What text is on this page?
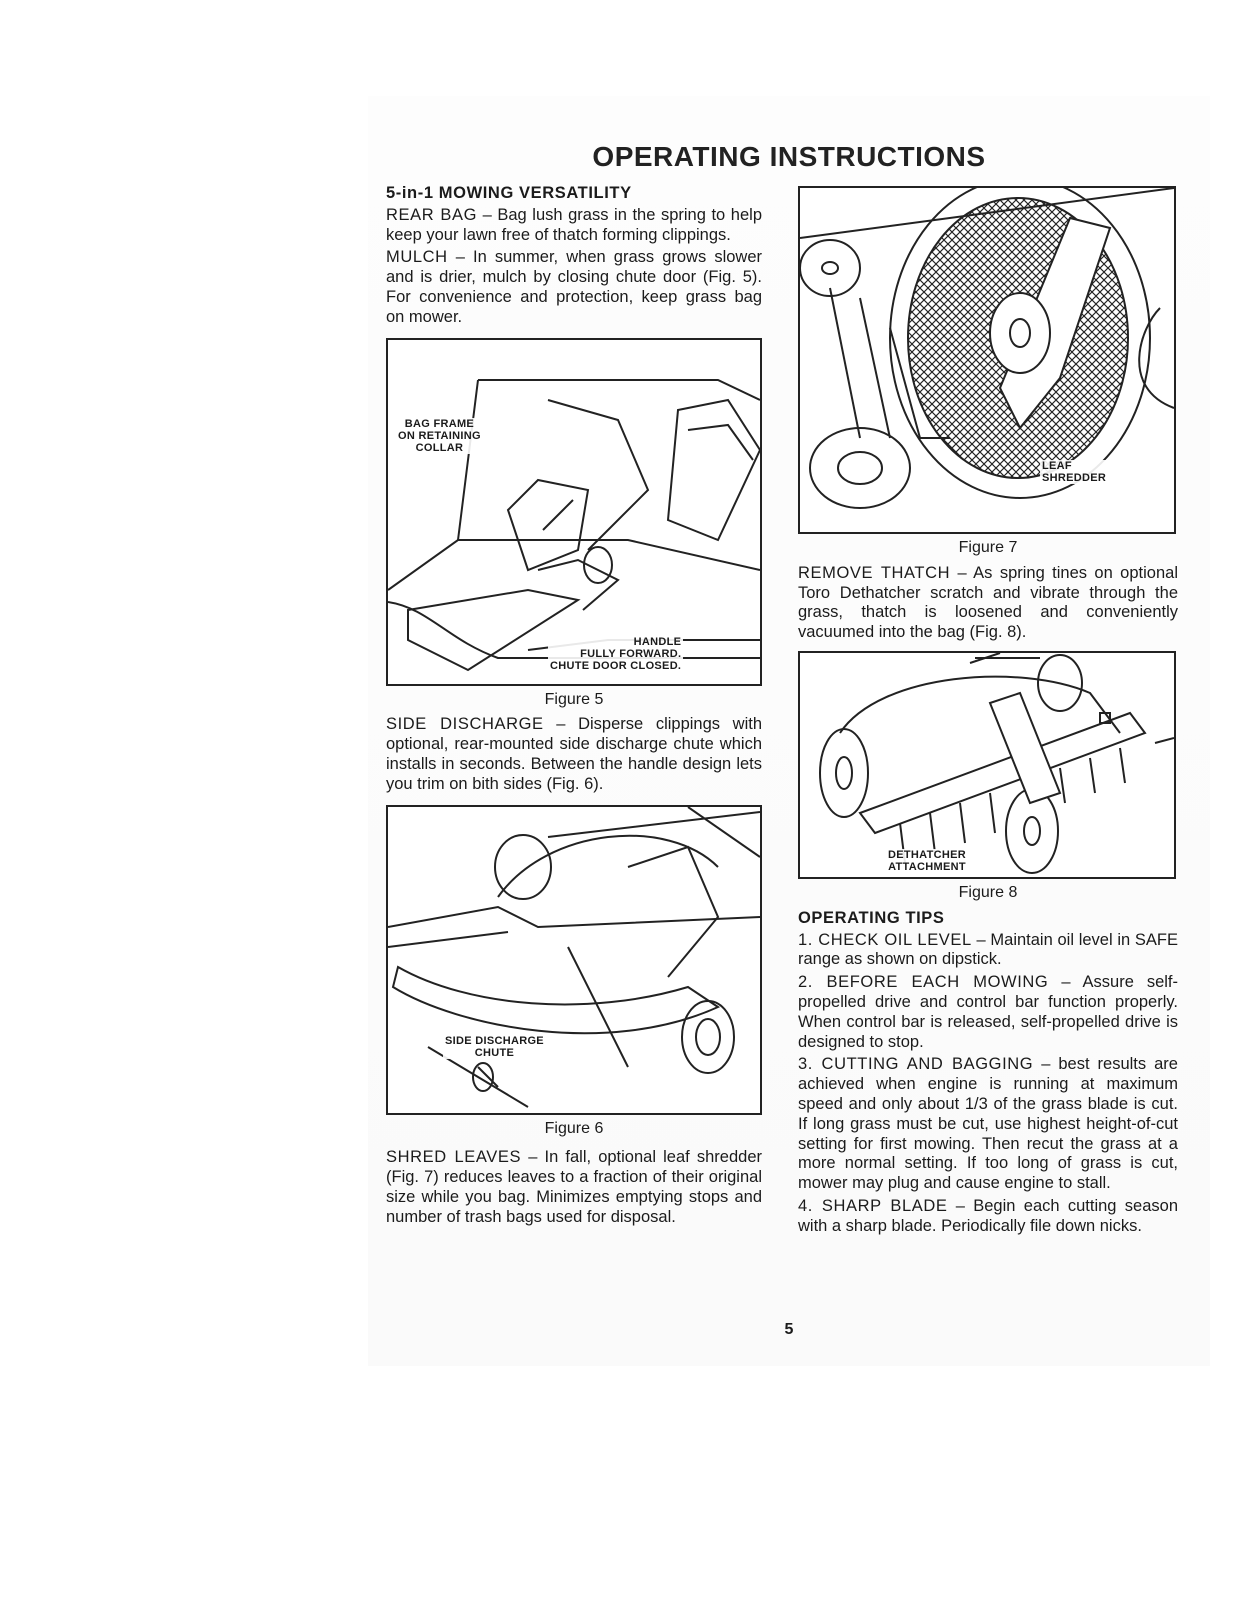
OPERATING INSTRUCTIONS
5-in-1 MOWING VERSATILITY

REAR BAG – Bag lush grass in the spring to help keep your lawn free of thatch forming clippings.

MULCH – In summer, when grass grows slower and is drier, mulch by closing chute door (Fig. 5). For convenience and protection, keep grass bag on mower.

BAG FRAME
ON RETAINING
COLLAR
HANDLE
FULLY FORWARD.
CHUTE DOOR CLOSED.
Figure 5

SIDE DISCHARGE – Disperse clippings with optional, rear-mounted side discharge chute which installs in seconds. Between the handle design lets you trim on bith sides (Fig. 6).

SIDE DISCHARGE
CHUTE
Figure 6

SHRED LEAVES – In fall, optional leaf shredder (Fig. 7) reduces leaves to a fraction of their original size while you bag. Minimizes emptying stops and number of trash bags used for disposal.

LEAF
SHREDDER
Figure 7

REMOVE THATCH – As spring tines on optional Toro Dethatcher scratch and vibrate through the grass, thatch is loosened and conveniently vacuumed into the bag (Fig. 8).

DETHATCHER
ATTACHMENT
Figure 8
OPERATING TIPS

1. CHECK OIL LEVEL – Maintain oil level in SAFE range as shown on dipstick.

2. BEFORE EACH MOWING – Assure self-propelled drive and control bar function properly. When control bar is released, self-propelled drive is designed to stop.

3. CUTTING AND BAGGING – best results are achieved when engine is running at maximum speed and only about 1/3 of the grass blade is cut. If long grass must be cut, use highest height-of-cut setting for first mowing. Then recut the grass at a more normal setting. If too long of grass is cut, mower may plug and cause engine to stall.

4. SHARP BLADE – Begin each cutting season with a sharp blade. Periodically file down nicks.

5
